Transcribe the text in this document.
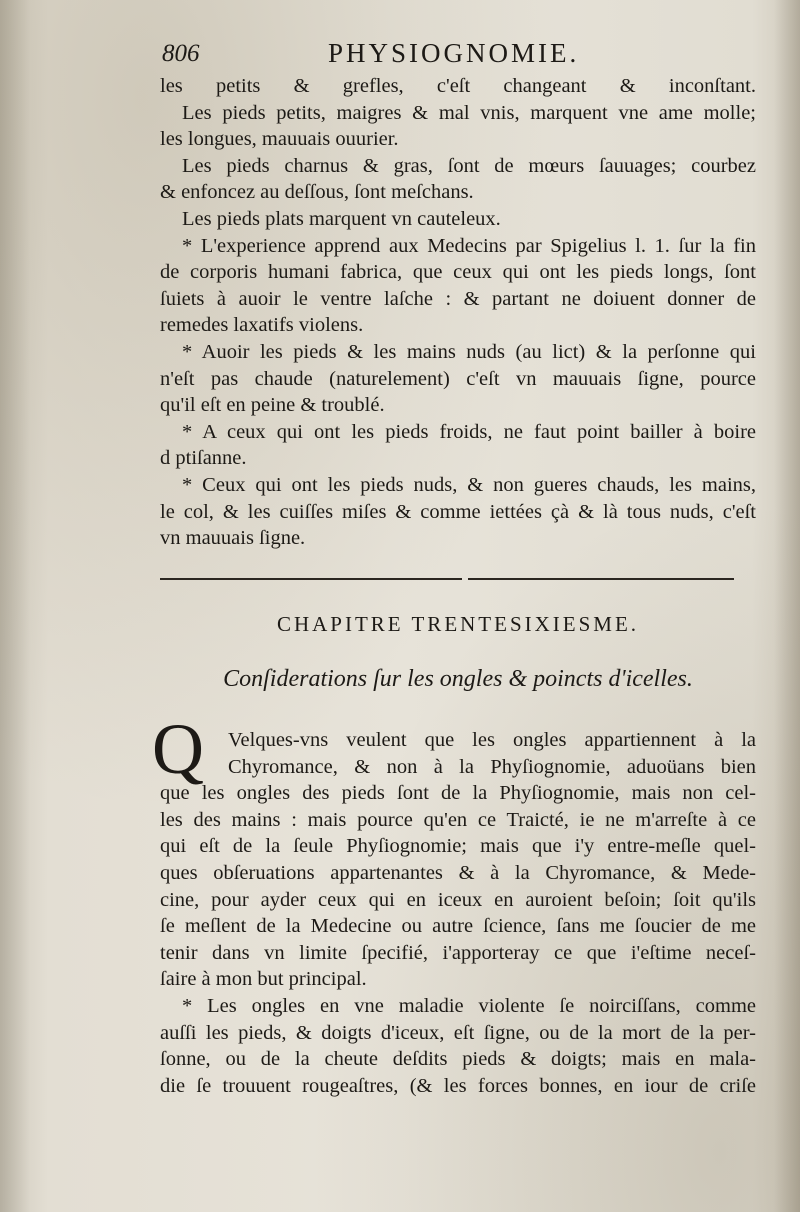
806	PHYSIOGNOMIE.
les petits & grefles, c'eſt changeant & inconſtant.
Les pieds petits, maigres & mal vnis, marquent vne ame molle;
les longues, mauuais ouurier.
Les pieds charnus & gras, ſont de mœurs ſauuages; courbez
& enfoncez au deſſous, ſont meſchans.
Les pieds plats marquent vn cauteleux.
* L'experience apprend aux Medecins par Spigelius l. 1. ſur la fin
de corporis humani fabrica, que ceux qui ont les pieds longs, ſont
ſuiets à auoir le ventre laſche : & partant ne doiuent donner de
remedes laxatifs violens.
* Auoir les pieds & les mains nuds (au lict) & la perſonne qui
n'eſt pas chaude (naturelement) c'eſt vn mauuais ſigne, pource
qu'il eſt en peine & troublé.
* A ceux qui ont les pieds froids, ne faut point bailler à boire
d ptiſanne.
* Ceux qui ont les pieds nuds, & non gueres chauds, les mains,
le col, & les cuiſſes miſes & comme iettées çà & là tous nuds, c'eſt
vn mauuais ſigne.
CHAPITRE TRENTESIXIESME.
Conſiderations ſur les ongles & poincts d'icelles.
Q	Velques-vns veulent que les ongles appartiennent à la
Chyromance, & non à la Phyſiognomie, aduoüans bien
que les ongles des pieds ſont de la Phyſiognomie, mais non cel-
les des mains : mais pource qu'en ce Traicté, ie ne m'arreſte à ce
qui eſt de la ſeule Phyſiognomie; mais que i'y entre-meſle quel-
ques obſeruations appartenantes & à la Chyromance, & Mede-
cine, pour ayder ceux qui en iceux en auroient beſoin; ſoit qu'ils
ſe meſlent de la Medecine ou autre ſcience, ſans me ſoucier de me
tenir dans vn limite ſpecifié, i'apporteray ce que i'eſtime neceſ-
ſaire à mon but principal.
* Les ongles en vne maladie violente ſe noirciſſans, comme
auſſi les pieds, & doigts d'iceux, eſt ſigne, ou de la mort de la per-
ſonne, ou de la cheute deſdits pieds & doigts; mais en mala-
die ſe trouuent rougeaſtres, (& les forces bonnes, en iour de criſe
